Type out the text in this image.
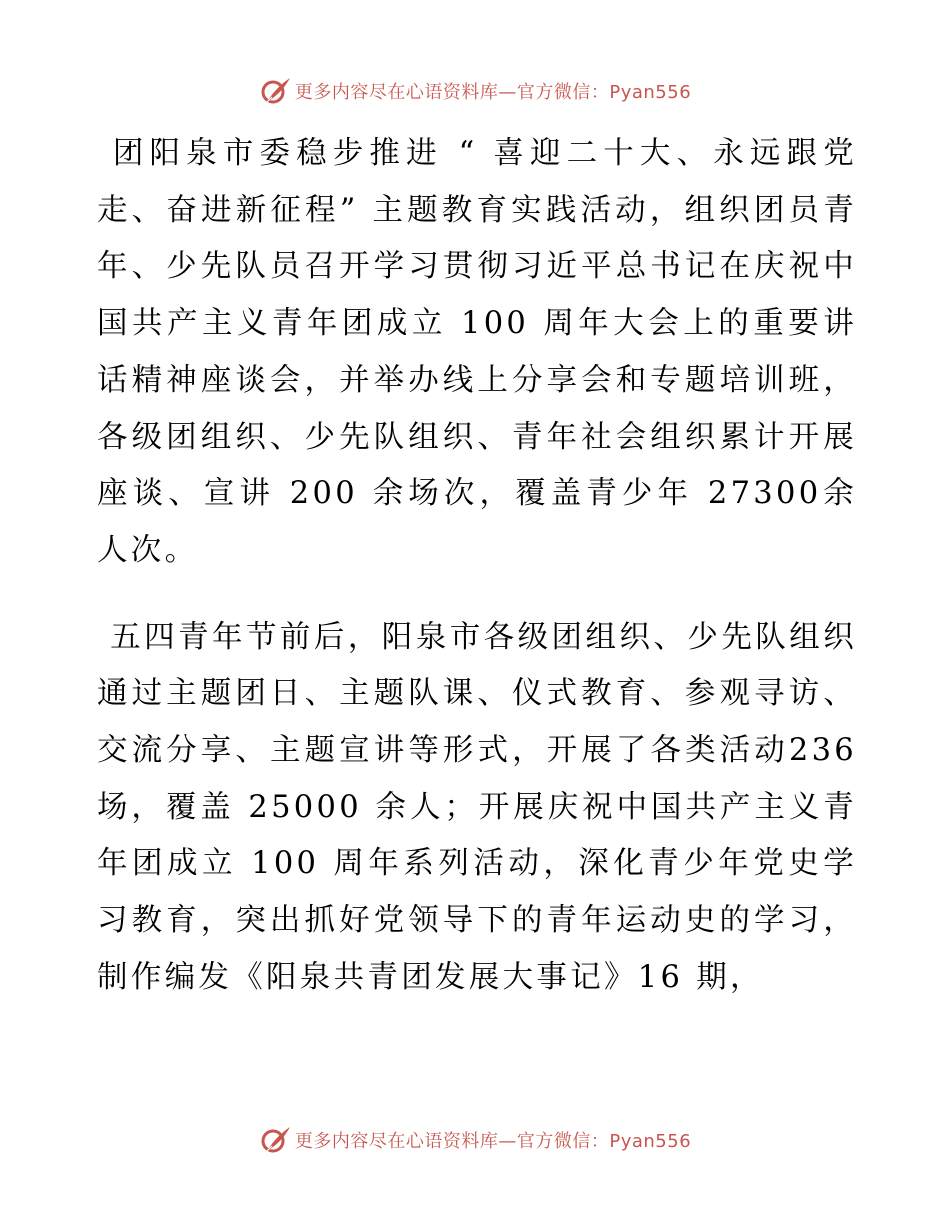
更多内容尽在心语资料库—官方微信：Pyan556

团阳泉市委稳步推进 “ 喜迎二十大、永远跟党走、奋进新征程” 主题教育实践活动，组织团员青年、少先队员召开学习贯彻习近平总书记在庆祝中国共产主义青年团成立 100 周年大会上的重要讲话精神座谈会，并举办线上分享会和专题培训班，各级团组织、少先队组织、青年社会组织累计开展座谈、宣讲 200 余场次，覆盖青少年 27300余人次。

五四青年节前后，阳泉市各级团组织、少先队组织通过主题团日、主题队课、仪式教育、参观寻访、交流分享、主题宣讲等形式，开展了各类活动236 场，覆盖 25000 余人；开展庆祝中国共产主义青年团成立 100 周年系列活动，深化青少年党史学习教育，突出抓好党领导下的青年运动史的学习，制作编发《阳泉共青团发展大事记》16 期，

更多内容尽在心语资料库—官方微信：Pyan556
